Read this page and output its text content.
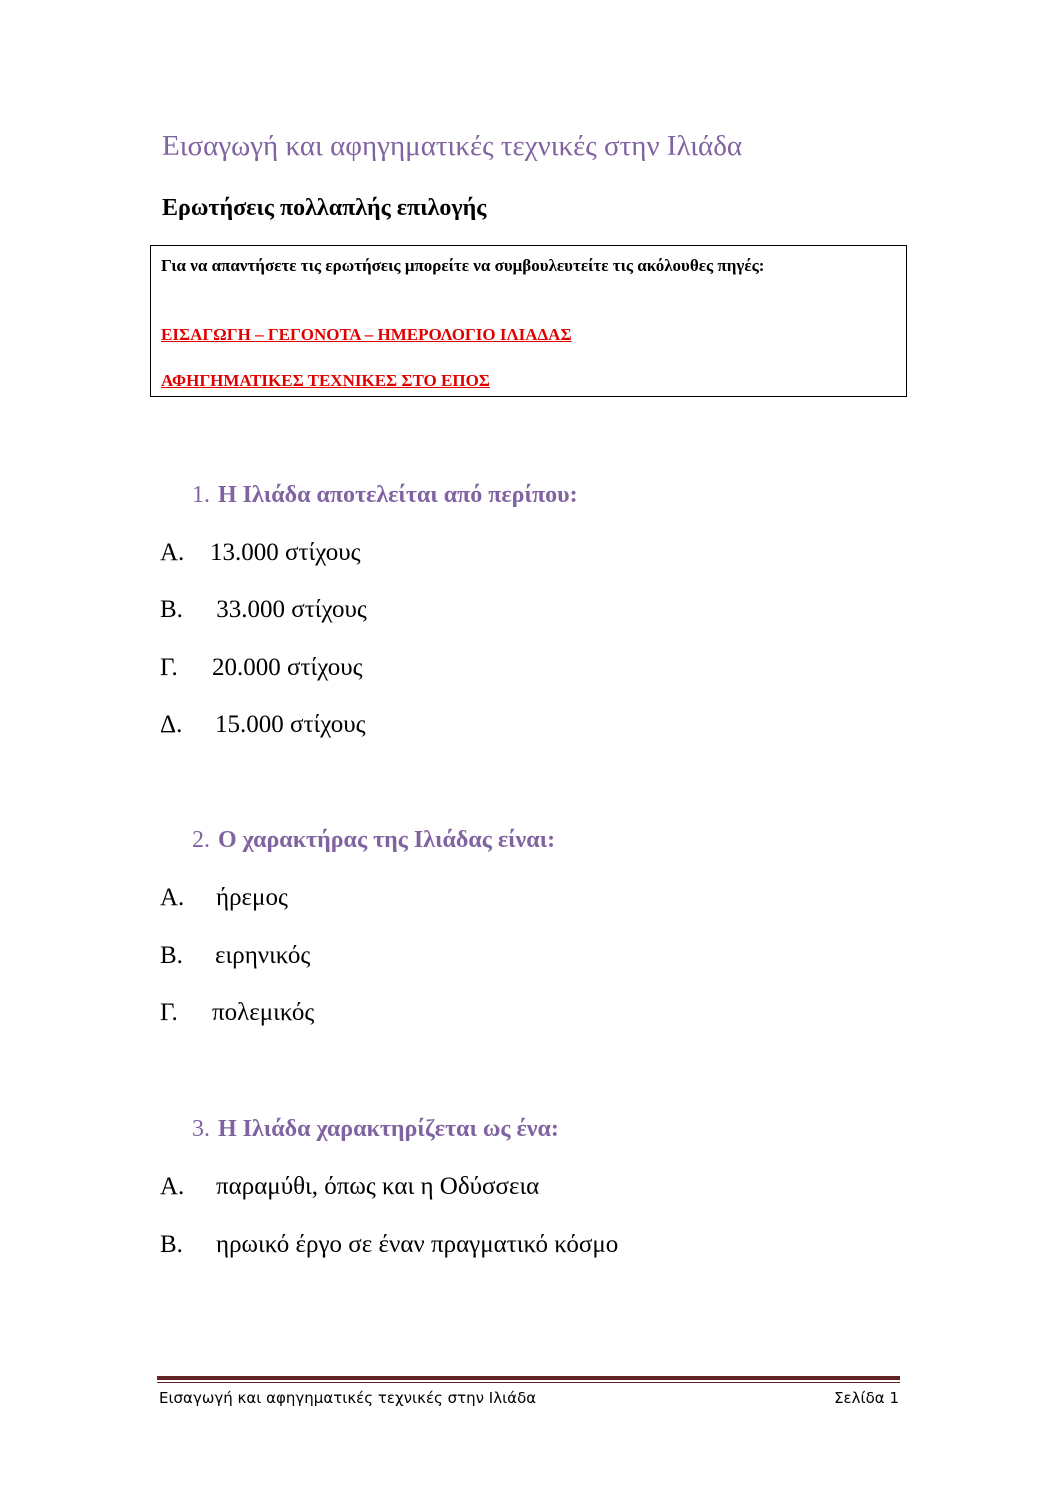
Εισαγωγή και αφηγηματικές τεχνικές στην Ιλιάδα
Ερωτήσεις πολλαπλής επιλογής
Για να απαντήσετε τις ερωτήσεις μπορείτε να συμβουλευτείτε τις ακόλουθες πηγές:
ΕΙΣΑΓΩΓΗ – ΓΕΓΟΝΟΤΑ – ΗΜΕΡΟΛΟΓΙΟ ΙΛΙΑΔΑΣ
ΑΦΗΓΗΜΑΤΙΚΕΣ ΤΕΧΝΙΚΕΣ ΣΤΟ ΕΠΟΣ
1. Η Ιλιάδα αποτελείται από περίπου:
Α. 13.000 στίχους
Β. 33.000 στίχους
Γ. 20.000 στίχους
Δ. 15.000 στίχους
2. Ο χαρακτήρας της Ιλιάδας είναι:
Α. ήρεμος
Β. ειρηνικός
Γ. πολεμικός
3. Η Ιλιάδα χαρακτηρίζεται ως ένα:
Α. παραμύθι, όπως και η Οδύσσεια
Β. ηρωικό έργο σε έναν πραγματικό κόσμο
Εισαγωγή και αφηγηματικές τεχνικές στην Ιλιάδα	Σελίδα 1
